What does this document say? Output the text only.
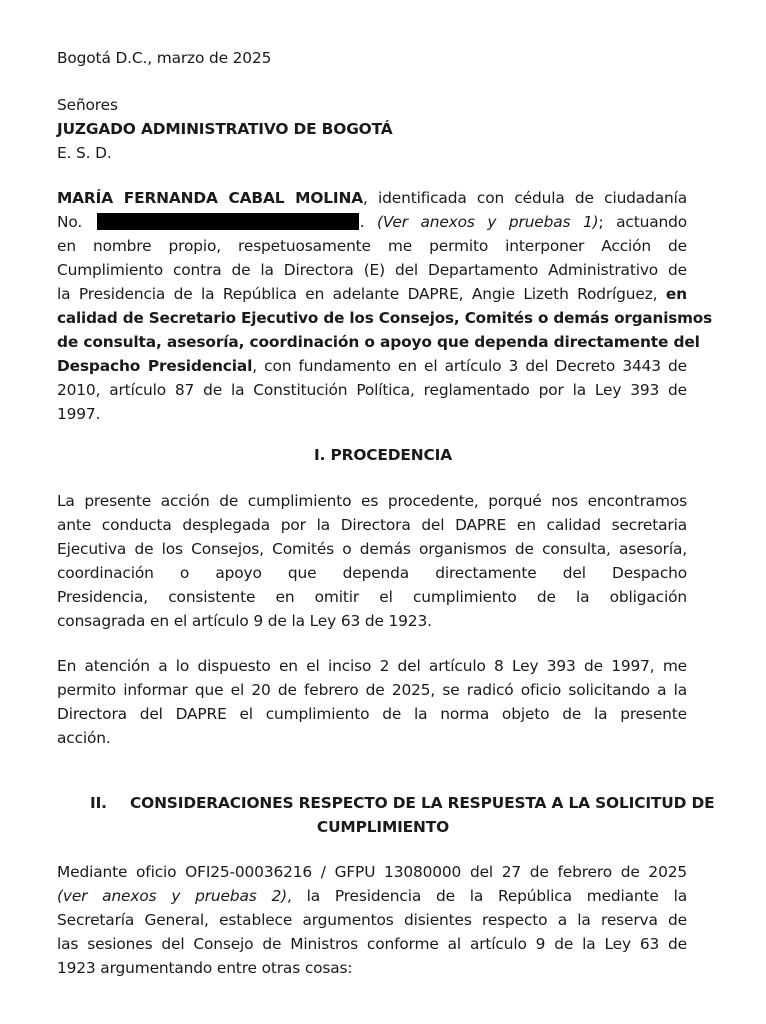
Bogotá D.C., marzo de 2025
Señores
JUZGADO ADMINISTRATIVO DE BOGOTÁ
E. S. D.
MARÍA FERNANDA CABAL MOLINA, identificada con cédula de ciudadanía
No.	. (Ver anexos y pruebas 1); actuando
en nombre propio, respetuosamente me permito interponer Acción de
Cumplimiento contra de la Directora (E) del Departamento Administrativo de
la Presidencia de la República en adelante DAPRE, Angie Lizeth Rodríguez, en
calidad de Secretario Ejecutivo de los Consejos, Comités o demás organismos
de consulta, asesoría, coordinación o apoyo que dependa directamente del
Despacho Presidencial, con fundamento en el artículo 3 del Decreto 3443 de
2010, artículo 87 de la Constitución Política, reglamentado por la Ley 393 de
1997.
I. PROCEDENCIA
La presente acción de cumplimiento es procedente, porqué nos encontramos
ante conducta desplegada por la Directora del DAPRE en calidad secretaria
Ejecutiva de los Consejos, Comités o demás organismos de consulta, asesoría,
coordinación o apoyo que dependa directamente del Despacho
Presidencia, consistente en omitir el cumplimiento de la obligación
consagrada en el artículo 9 de la Ley 63 de 1923.
En atención a lo dispuesto en el inciso 2 del artículo 8 Ley 393 de 1997, me
permito informar que el 20 de febrero de 2025, se radicó oficio solicitando a la
Directora del DAPRE el cumplimiento de la norma objeto de la presente
acción.
II. CONSIDERACIONES RESPECTO DE LA RESPUESTA A LA SOLICITUD DE
CUMPLIMIENTO
Mediante oficio OFI25-00036216 / GFPU 13080000 del 27 de febrero de 2025
(ver anexos y pruebas 2), la Presidencia de la República mediante la
Secretaría General, establece argumentos disientes respecto a la reserva de
las sesiones del Consejo de Ministros conforme al artículo 9 de la Ley 63 de
1923 argumentando entre otras cosas:
